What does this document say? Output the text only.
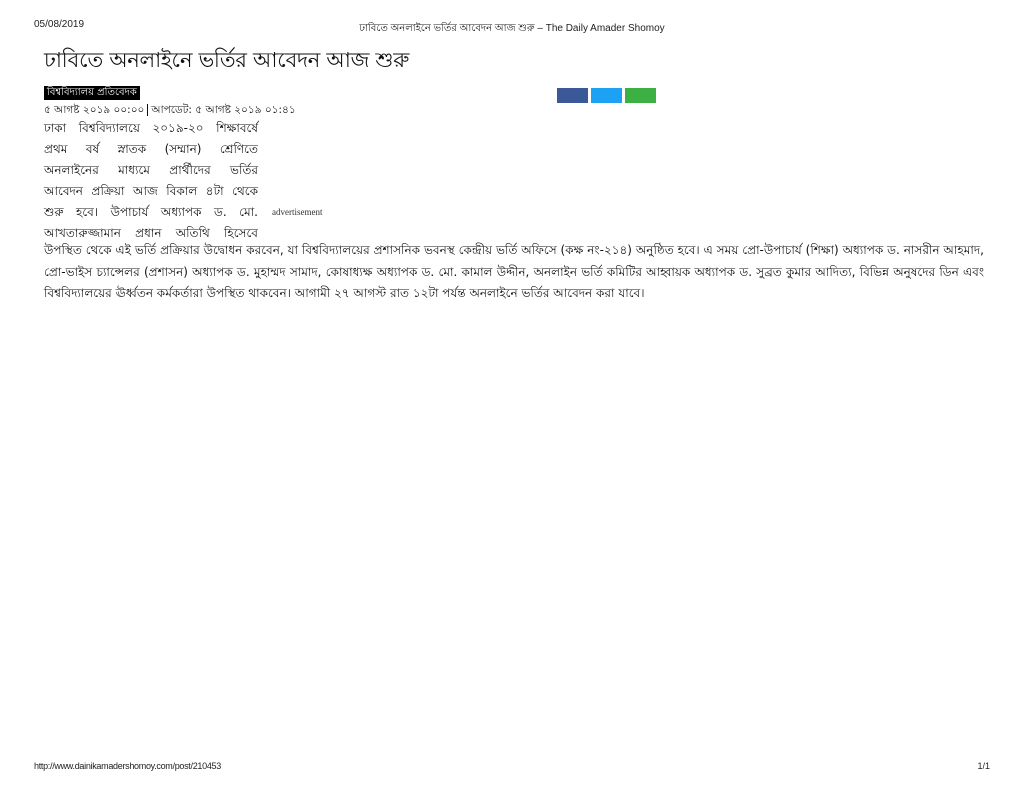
05/08/2019	ঢাবিতে অনলাইনে ভর্তির আবেদন আজ শুরু – The Daily Amader Shomoy
ঢাবিতে অনলাইনে ভর্তির আবেদন আজ শুরু
বিশ্ববিদ্যালয় প্রতিবেদক
৫ আগষ্ট ২০১৯ ০০:০০ আপডেট: ৫ আগষ্ট ২০১৯ ০১:৪১
ঢাকা বিশ্ববিদ্যালয়ে ২০১৯-২০ শিক্ষাবর্ষে
প্রথম বর্ষ স্নাতক (সম্মান) শ্রেণিতে
অনলাইনের মাধ্যমে প্রার্থীদের ভর্তির
আবেদন প্রক্রিয়া আজ বিকাল ৪টা থেকে
শুরু হবে। উপাচার্য অধ্যাপক ড. মো.
আখতারুজ্জামান প্রধান অতিথি হিসেবে
advertisement
উপস্থিত থেকে এই ভর্তি প্রক্রিয়ার উদ্বোধন করবেন, যা বিশ্ববিদ্যালয়ের প্রশাসনিক ভবনস্থ কেন্দ্রীয় ভর্তি অফিসে (কক্ষ নং-২১৪) অনুষ্ঠিত হবে। এ সময় প্রো-উপাচার্য (শিক্ষা) অধ্যাপক ড. নাসরীন আহমাদ, প্রো-ভাইস চ্যান্সেলর (প্রশাসন) অধ্যাপক ড. মুহাম্মদ সামাদ, কোষাধ্যক্ষ অধ্যাপক ড. মো. কামাল উদ্দীন, অনলাইন ভর্তি কমিটির আহ্বায়ক অধ্যাপক ড. সুব্রত কুমার আদিত্য, বিভিন্ন অনুষদের ডিন এবং বিশ্ববিদ্যালয়ের ঊর্ধ্বতন কর্মকর্তারা উপস্থিত থাকবেন। আগামী ২৭ আগস্ট রাত ১২টা পর্যন্ত অনলাইনে ভর্তির আবেদন করা যাবে।
http://www.dainikamadershomoy.com/post/210453	1/1
